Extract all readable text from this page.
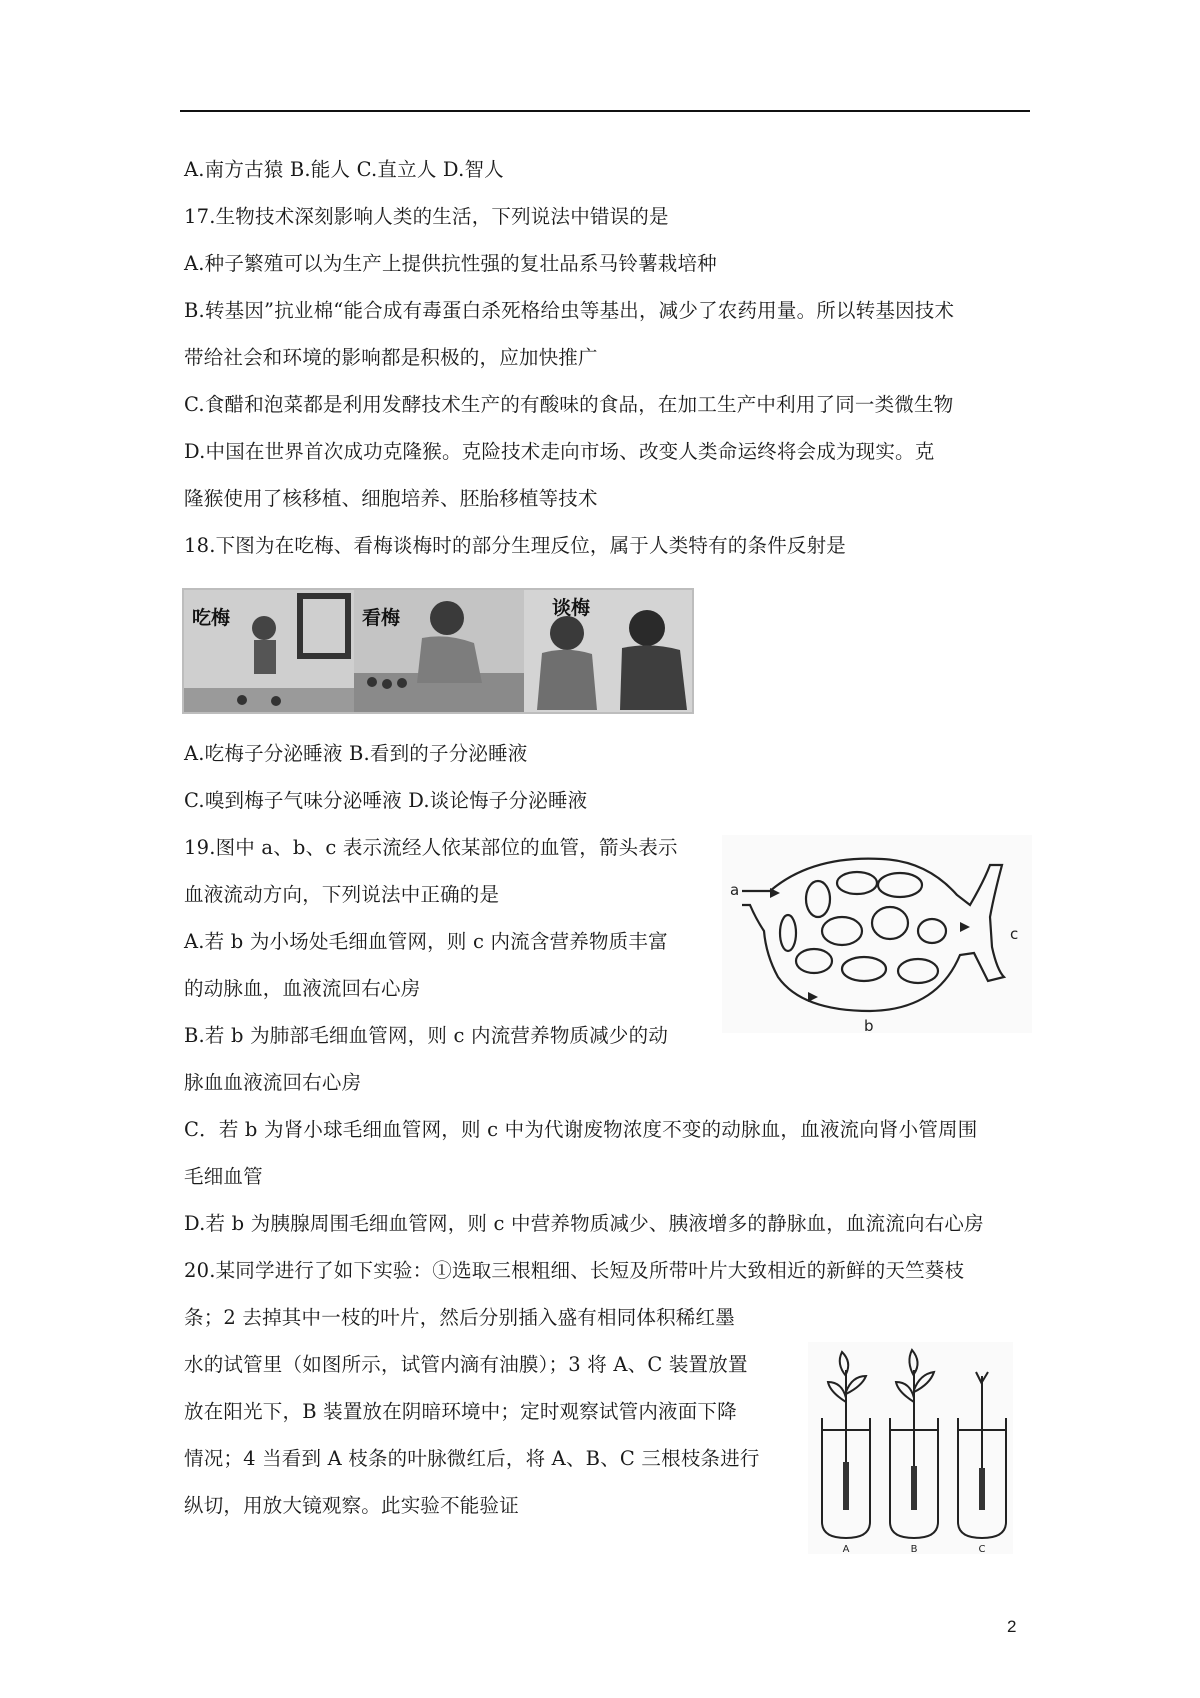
A.南方古猿 B.能人 C.直立人 D.智人
17.生物技术深刻影响人类的生活，下列说法中错误的是
A.种子繁殖可以为生产上提供抗性强的复壮品系马铃薯栽培种
B.转基因”抗业棉“能合成有毒蛋白杀死格给虫等基出，减少了农药用量。所以转基因技术
带给社会和环境的影响都是积极的，应加快推广
C.食醋和泡菜都是利用发酵技术生产的有酸味的食品，在加工生产中利用了同一类微生物
D.中国在世界首次成功克隆猴。克险技术走向市场、改变人类命运终将会成为现实。克
隆猴使用了核移植、细胞培养、胚胎移植等技术
18.下图为在吃梅、看梅谈梅时的部分生理反位，属于人类特有的条件反射是
A.吃梅子分泌睡液 B.看到的子分泌睡液
C.嗅到梅子气味分泌唾液 D.谈论悔子分泌睡液
19.图中 a、b、c 表示流经人依某部位的血管，箭头表示
血液流动方向，下列说法中正确的是
A.若 b 为小场处毛细血管网，则 c 内流含营养物质丰富
的动脉血，血液流回右心房
B.若 b 为肺部毛细血管网，则 c 内流营养物质减少的动
脉血血液流回右心房
C．若 b 为肾小球毛细血管网，则 c 中为代谢废物浓度不变的动脉血，血液流向肾小管周围
毛细血管
D.若 b 为胰腺周围毛细血管网，则 c 中营养物质减少、胰液增多的静脉血，血流流向右心房
20.某同学进行了如下实验：①选取三根粗细、长短及所带叶片大致相近的新鲜的天竺葵枝
条；2 去掉其中一枝的叶片，然后分别插入盛有相同体积稀红墨
水的试管里（如图所示，试管内滴有油膜）；3 将 A、C 装置放置
放在阳光下，B 装置放在阴暗环境中；定时观察试管内液面下降
情况；4 当看到 A 枝条的叶脉微红后，将 A、B、C 三根枝条进行
纵切，用放大镜观察。此实验不能验证
吃梅	看梅	谈梅
a
b
c
A	B	C
2
